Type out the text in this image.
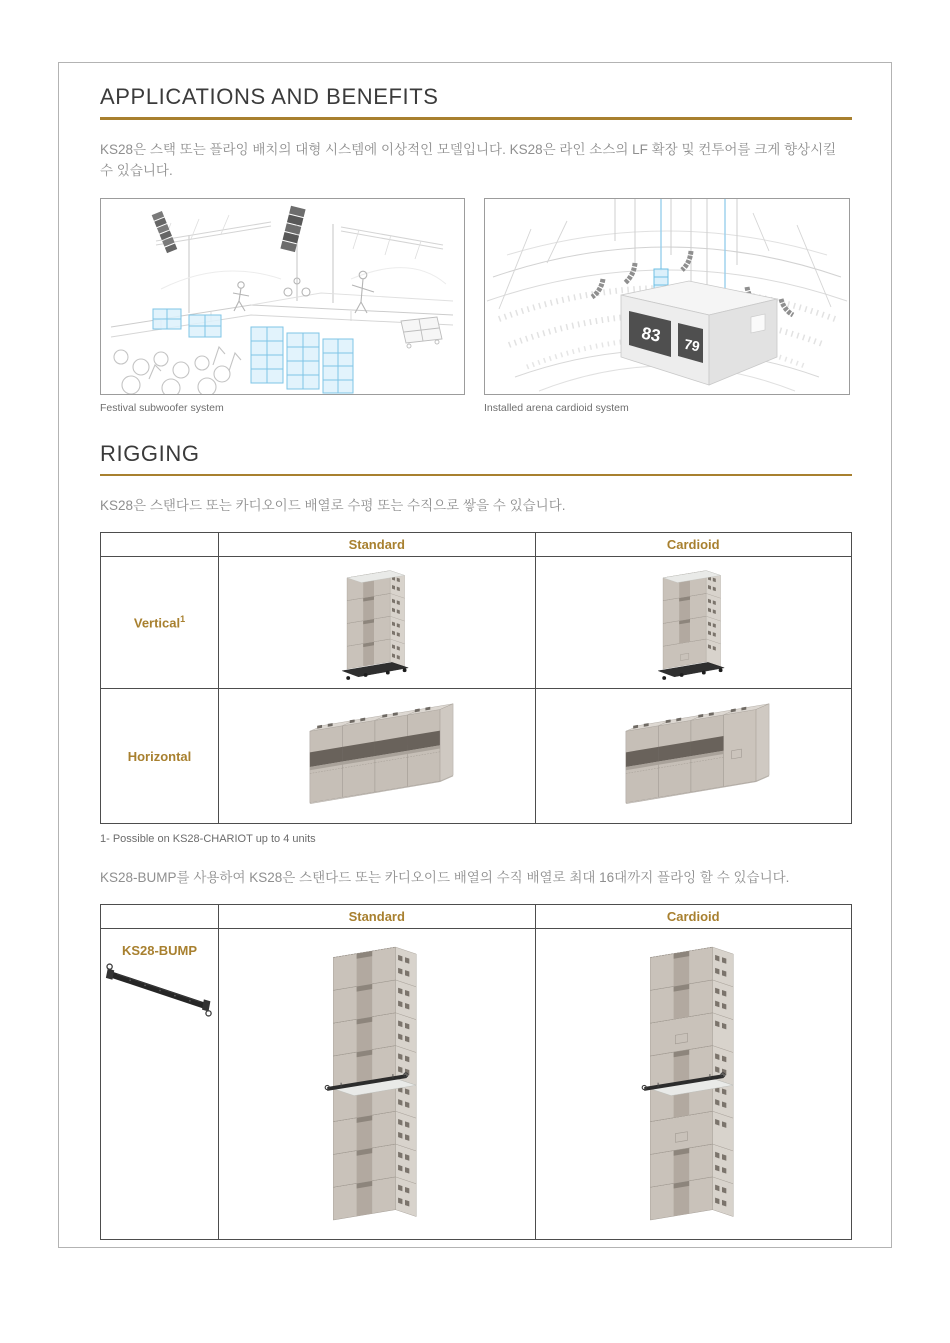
APPLICATIONS AND BENEFITS

KS28은 스택 또는 플라잉 배치의 대형 시스템에 이상적인 모델입니다. KS28은 라인 소스의 LF 확장 및 컨투어를 크게 향상시킬 수 있습니다.

83 79
Festival subwoofer system	Installed arena cardioid system
RIGGING

KS28은 스탠다드 또는 카디오이드 배열로 수평 또는 수직으로 쌓을 수 있습니다.

	Standard	Cardioid
Vertical$^1$	

Horizontal	

1- Possible on KS28-CHARIOT up to 4 units

KS28-BUMP를 사용하여 KS28은 스탠다드 또는 카디오이드 배열의 수직 배열로 최대 16대까지 플라잉 할 수 있습니다.

	Standard	Cardioid

KS28-BUMP
